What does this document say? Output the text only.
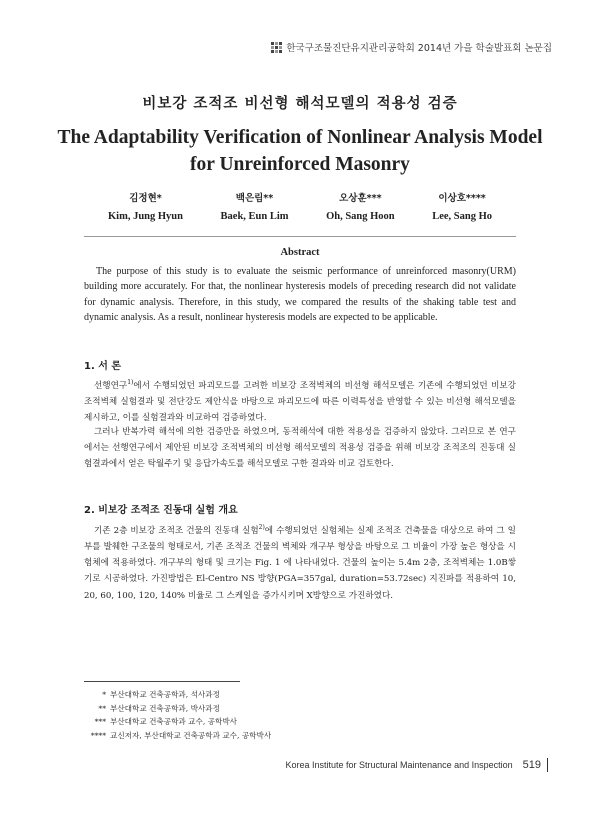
한국구조물진단유지관리공학회 2014년 가을 학술발표회 논문집
비보강 조적조 비선형 해석모델의 적용성 검증
The Adaptability Verification of Nonlinear Analysis Model
for Unreinforced Masonry
김정현*
Kim, Jung Hyun
백은림**
Baek, Eun Lim
오상훈***
Oh, Sang Hoon
이상호****
Lee, Sang Ho
Abstract

The purpose of this study is to evaluate the seismic performance of unreinforced masonry(URM) building more accurately. For that, the nonlinear hysteresis models of preceding research did not validate for dynamic analysis. Therefore, in this study, we compared the results of the shaking table test and dynamic analysis. As a result, nonlinear hysteresis models are expected to be applicable.

1. 서 론

선행연구$^{1)}$에서 수행되었던 파괴모드를 고려한 비보강 조적벽체의 비선형 해석모델은 기존에 수행되었던 비보강 조적벽체 실험결과 및 전단강도 제안식을 바탕으로 파괴모드에 따른 이력특성을 반영할 수 있는 비선형 해석모델을 제시하고, 이를 실험결과와 비교하여 검증하였다.

그러나 반복가력 해석에 의한 검증만을 하였으며, 동적해석에 대한 적용성을 검증하지 않았다. 그러므로 본 연구에서는 선행연구에서 제안된 비보강 조적벽체의 비선형 해석모델의 적용성 검증을 위해 비보강 조적조의 진동대 실험결과에서 얻은 탁월주기 및 응답가속도를 해석모델로 구한 결과와 비교 검토한다.

2. 비보강 조적조 진동대 실험 개요

기존 2층 비보강 조적조 건물의 진동대 실험$^{2)}$에 수행되었던 실험체는 실제 조적조 건축물을 대상으로 하여 그 일부를 발췌한 구조물의 형태로서, 기존 조적조 건물의 벽체와 개구부 형상을 바탕으로 그 비율이 가장 높은 형상을 시험체에 적용하였다. 개구부의 형태 및 크기는 Fig. 1 에 나타내었다. 건물의 높이는 5.4m 2층, 조적벽체는 1.0B쌓기로 시공하였다. 가진방법은 El-Centro NS 방향(PGA=357gal, duration=53.72sec) 지진파를 적용하여 10, 20, 60, 100, 120, 140% 비율로 그 스케일을 증가시키며 X방향으로 가진하였다.

* 부산대학교 건축공학과, 석사과정
** 부산대학교 건축공학과, 박사과정
*** 부산대학교 건축공학과 교수, 공학박사
**** 교신저자, 부산대학교 건축공학과 교수, 공학박사
Korea Institute for Structural Maintenance and Inspection 519
